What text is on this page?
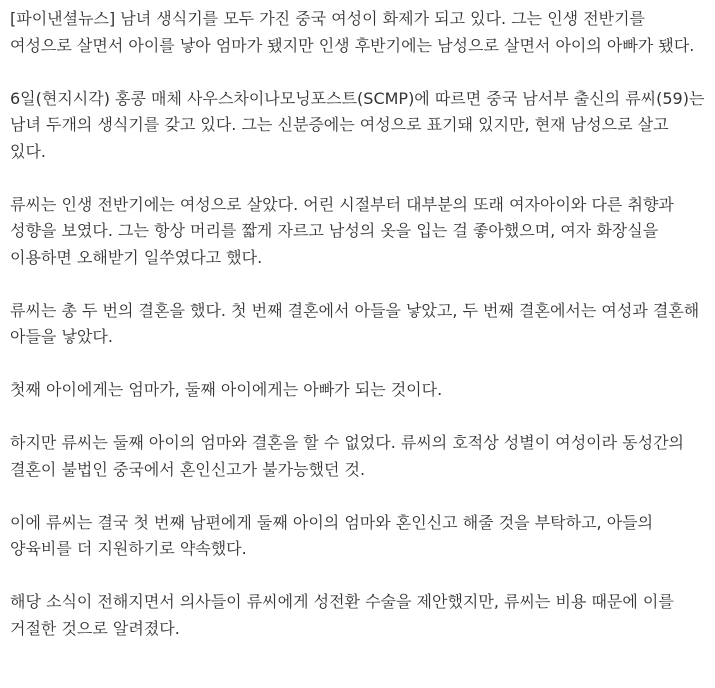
[파이낸셜뉴스] 남녀 생식기를 모두 가진 중국 여성이 화제가 되고 있다. 그는 인생 전반기를 여성으로 살면서 아이를 낳아 엄마가 됐지만 인생 후반기에는 남성으로 살면서 아이의 아빠가 됐다.

6일(현지시각) 홍콩 매체 사우스차이나모닝포스트(SCMP)에 따르면 중국 남서부 출신의 류씨(59)는 남녀 두개의 생식기를 갖고 있다. 그는 신분증에는 여성으로 표기돼 있지만, 현재 남성으로 살고 있다.

류씨는 인생 전반기에는 여성으로 살았다. 어린 시절부터 대부분의 또래 여자아이와 다른 취향과 성향을 보였다. 그는 항상 머리를 짧게 자르고 남성의 옷을 입는 걸 좋아했으며, 여자 화장실을 이용하면 오해받기 일쑤였다고 했다.

류씨는 총 두 번의 결혼을 했다. 첫 번째 결혼에서 아들을 낳았고, 두 번째 결혼에서는 여성과 결혼해 아들을 낳았다.

첫째 아이에게는 엄마가, 둘째 아이에게는 아빠가 되는 것이다.

하지만 류씨는 둘째 아이의 엄마와 결혼을 할 수 없었다. 류씨의 호적상 성별이 여성이라 동성간의 결혼이 불법인 중국에서 혼인신고가 불가능했던 것.

이에 류씨는 결국 첫 번째 남편에게 둘째 아이의 엄마와 혼인신고 해줄 것을 부탁하고, 아들의 양육비를 더 지원하기로 약속했다.

해당 소식이 전해지면서 의사들이 류씨에게 성전환 수술을 제안했지만, 류씨는 비용 때문에 이를 거절한 것으로 알려졌다.
